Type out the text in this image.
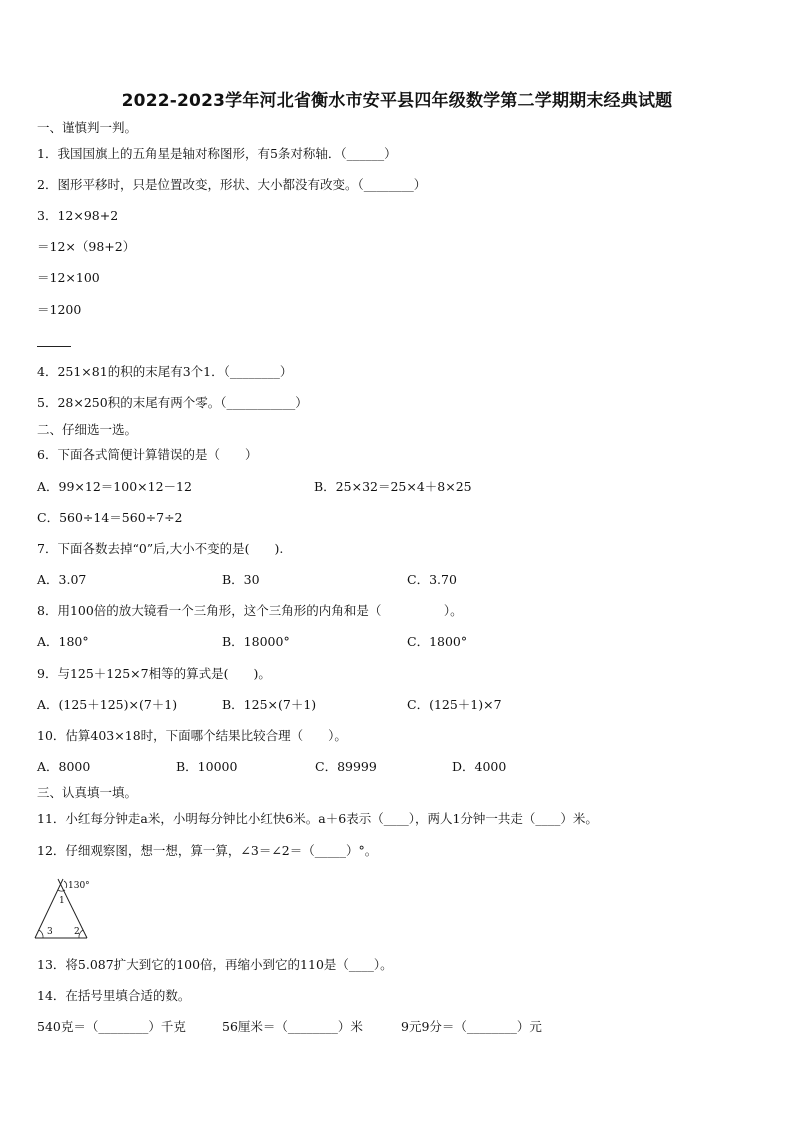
2022-2023学年河北省衡水市安平县四年级数学第二学期期末经典试题
一、谨慎判一判。
1．我国国旗上的五角星是轴对称图形，有5条对称轴．（______）
2．图形平移时，只是位置改变，形状、大小都没有改变。（________）
3．12×98+2
＝12×（98+2）
＝12×100
＝1200
4．251×81的积的末尾有3个1．（________）
5．28×250积的末尾有两个零。（___________）
二、仔细选一选。
6．下面各式简便计算错误的是（　　）
A．99×12＝100×12－12	B．25×32＝25×4＋8×25
C．560÷14＝560÷7÷2
7．下面各数去掉“0”后,大小不变的是(　　).
A．3.07	B．30	C．3.70
8．用100倍的放大镜看一个三角形，这个三角形的内角和是（　　　　　）。
A．180°	B．18000°	C．1800°
9．与125＋125×7相等的算式是(　　)。
A．(125＋125)×(7＋1)	B．125×(7＋1)	C．(125＋1)×7
10．估算403×18时，下面哪个结果比较合理（　　）。
A．8000	B．10000	C．89999	D．4000
三、认真填一填。
11．小红每分钟走a米，小明每分钟比小红快6米。a＋6表示（____），两人1分钟一共走（____）米。
12．仔细观察图，想一想，算一算，∠3＝∠2＝（_____）°。
130°
1
2
3
13．将5.087扩大到它的100倍，再缩小到它的110是（____）。
14．在括号里填合适的数。
540克＝（________）千克	56厘米＝（________）米	9元9分＝（________）元
